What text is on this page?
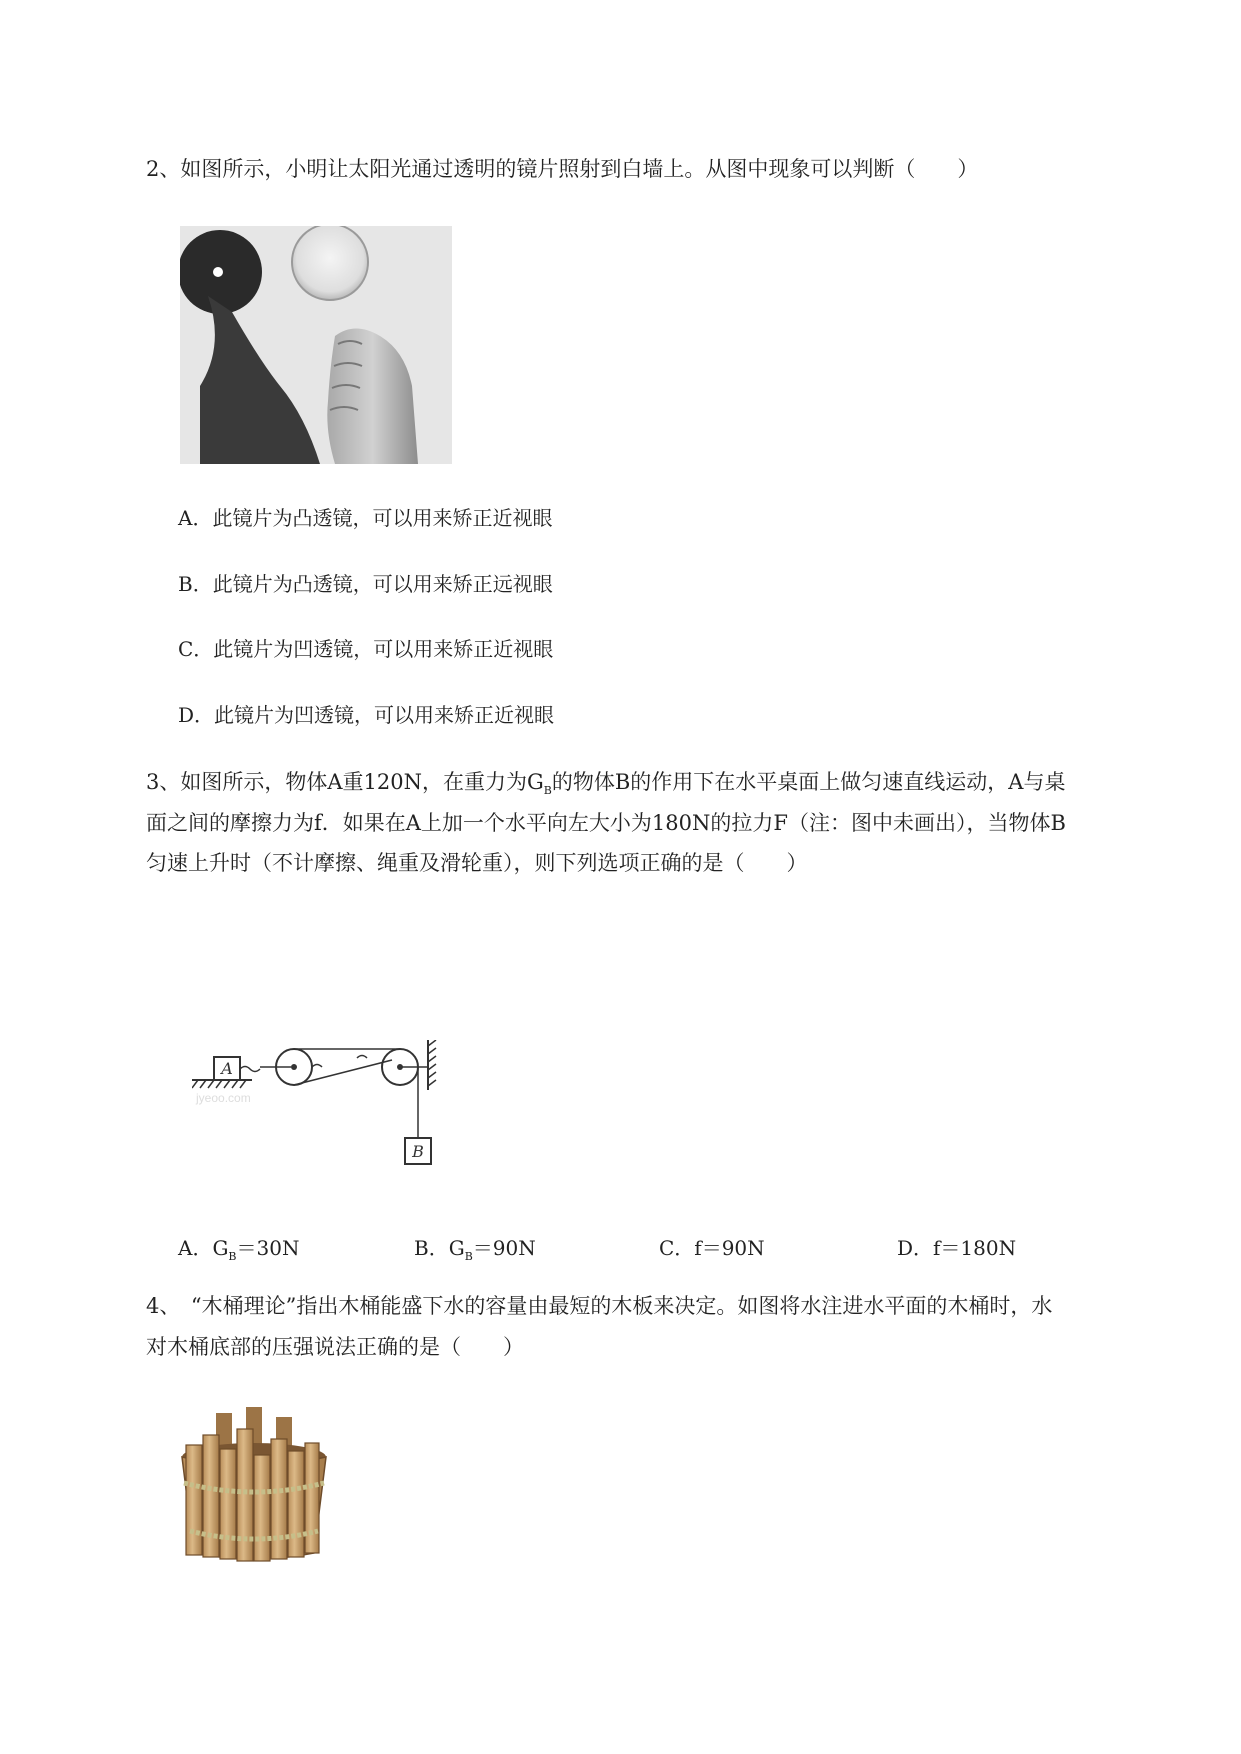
2、如图所示，小明让太阳光通过透明的镜片照射到白墙上。从图中现象可以判断（　　）
A．此镜片为凸透镜，可以用来矫正近视眼
B．此镜片为凸透镜，可以用来矫正远视眼
C．此镜片为凹透镜，可以用来矫正近视眼
D．此镜片为凹透镜，可以用来矫正近视眼
3、如图所示，物体A重120N，在重力为$G_B$的物体B的作用下在水平桌面上做匀速直线运动，A与桌
面之间的摩擦力为f．如果在A上加一个水平向左大小为180N的拉力F（注：图中未画出），当物体B
匀速上升时（不计摩擦、绳重及滑轮重），则下列选项正确的是（　　）
jyeoo.com
A
B
A．$G_B=30N$	B．$G_B=90N$	C．f＝90N	D．f＝180N
4、　“木桶理论”指出木桶能盛下水的容量由最短的木板来决定。如图将水注进水平面的木桶时，水
对木桶底部的压强说法正确的是（　　）
